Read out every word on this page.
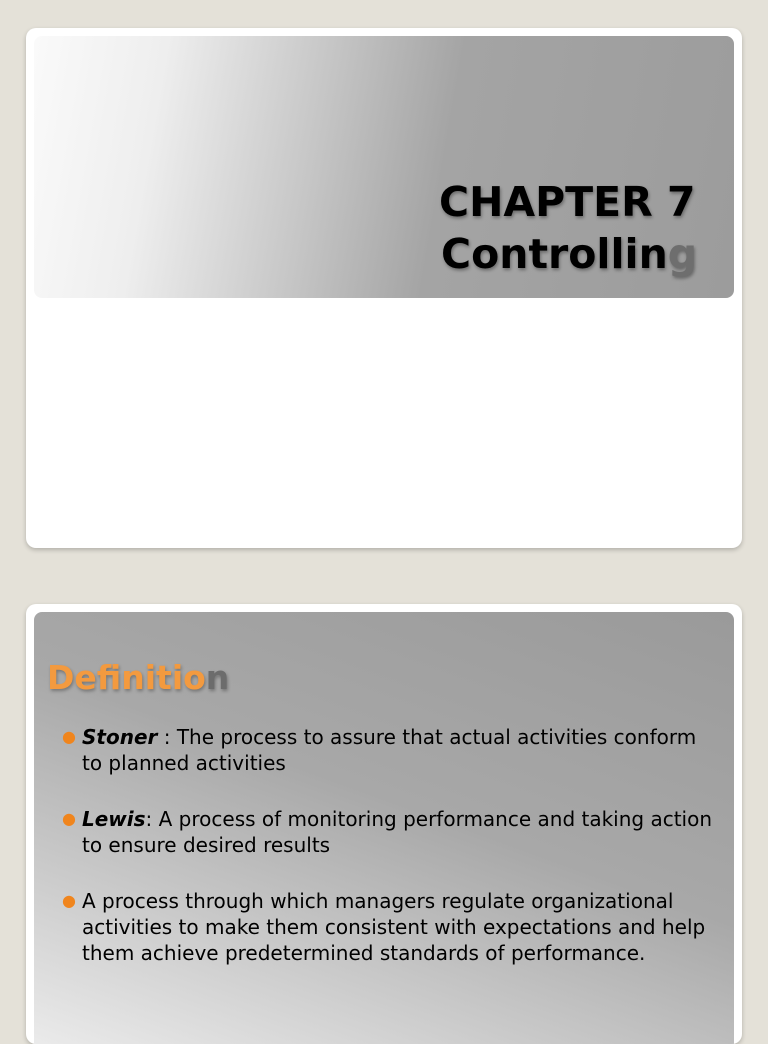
CHAPTER 7
Controlling
Definition
● Stoner : The process to assure that actual activities conform to planned activities
● Lewis: A process of monitoring performance and taking action to ensure desired results
● A process through which managers regulate organizational activities to make them consistent with expectations and help them achieve predetermined standards of performance.
